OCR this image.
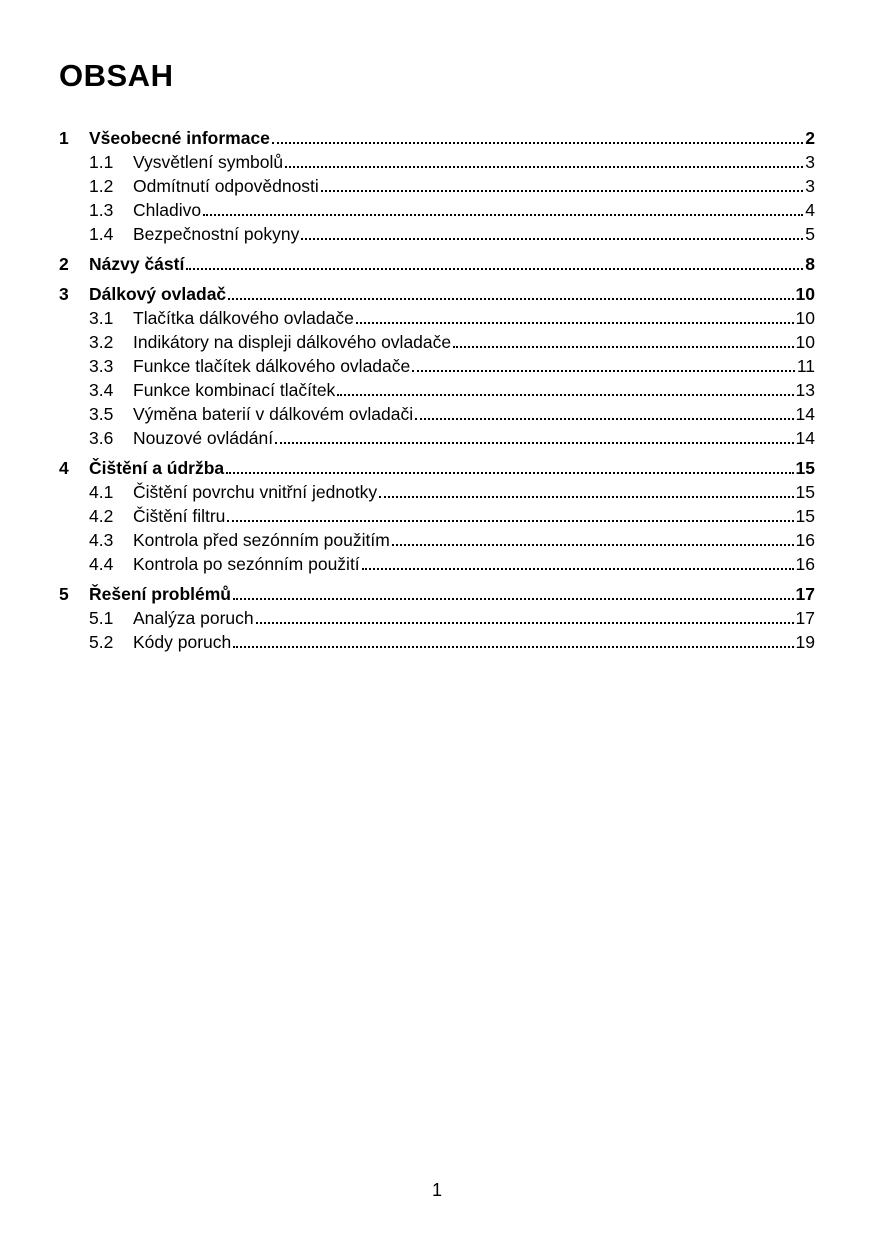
OBSAH
1	Všeobecné informace	2
1.1	Vysvětlení symbolů	3
1.2	Odmítnutí odpovědnosti	3
1.3	Chladivo	4
1.4	Bezpečnostní pokyny	5
2	Názvy částí	8
3	Dálkový ovladač	10
3.1	Tlačítka dálkového ovladače	10
3.2	Indikátory na displeji dálkového ovladače	10
3.3	Funkce tlačítek dálkového ovladače	11
3.4	Funkce kombinací tlačítek	13
3.5	Výměna baterií v dálkovém ovladači	14
3.6	Nouzové ovládání	14
4	Čištění a údržba	15
4.1	Čištění povrchu vnitřní jednotky	15
4.2	Čištění filtru	15
4.3	Kontrola před sezónním použitím	16
4.4	Kontrola po sezónním použití	16
5	Řešení problémů	17
5.1	Analýza poruch	17
5.2	Kódy poruch	19
1
